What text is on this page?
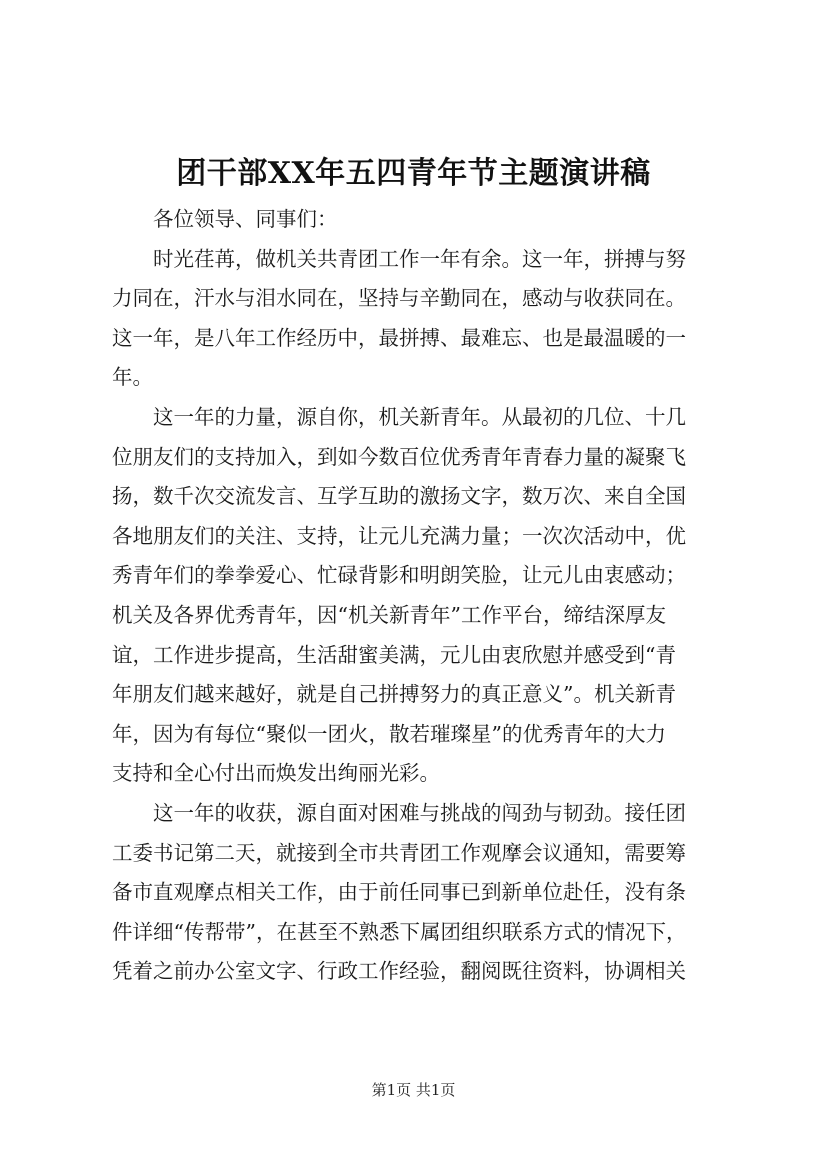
团干部XX年五四青年节主题演讲稿
各位领导、同事们：
时光荏苒，做机关共青团工作一年有余。这一年，拼搏与努
力同在，汗水与泪水同在，坚持与辛勤同在，感动与收获同在。
这一年，是八年工作经历中，最拼搏、最难忘、也是最温暖的一
年。
这一年的力量，源自你，机关新青年。从最初的几位、十几
位朋友们的支持加入，到如今数百位优秀青年青春力量的凝聚飞
扬，数千次交流发言、互学互助的激扬文字，数万次、来自全国
各地朋友们的关注、支持，让元儿充满力量；一次次活动中，优
秀青年们的拳拳爱心、忙碌背影和明朗笑脸，让元儿由衷感动；
机关及各界优秀青年，因“机关新青年”工作平台，缔结深厚友
谊，工作进步提高，生活甜蜜美满，元儿由衷欣慰并感受到“青
年朋友们越来越好，就是自己拼搏努力的真正意义”。机关新青
年，因为有每位“聚似一团火，散若璀璨星”的优秀青年的大力
支持和全心付出而焕发出绚丽光彩。
这一年的收获，源自面对困难与挑战的闯劲与韧劲。接任团
工委书记第二天，就接到全市共青团工作观摩会议通知，需要筹
备市直观摩点相关工作，由于前任同事已到新单位赴任，没有条
件详细“传帮带”，在甚至不熟悉下属团组织联系方式的情况下，
凭着之前办公室文字、行政工作经验，翻阅既往资料，协调相关
第1页 共1页
